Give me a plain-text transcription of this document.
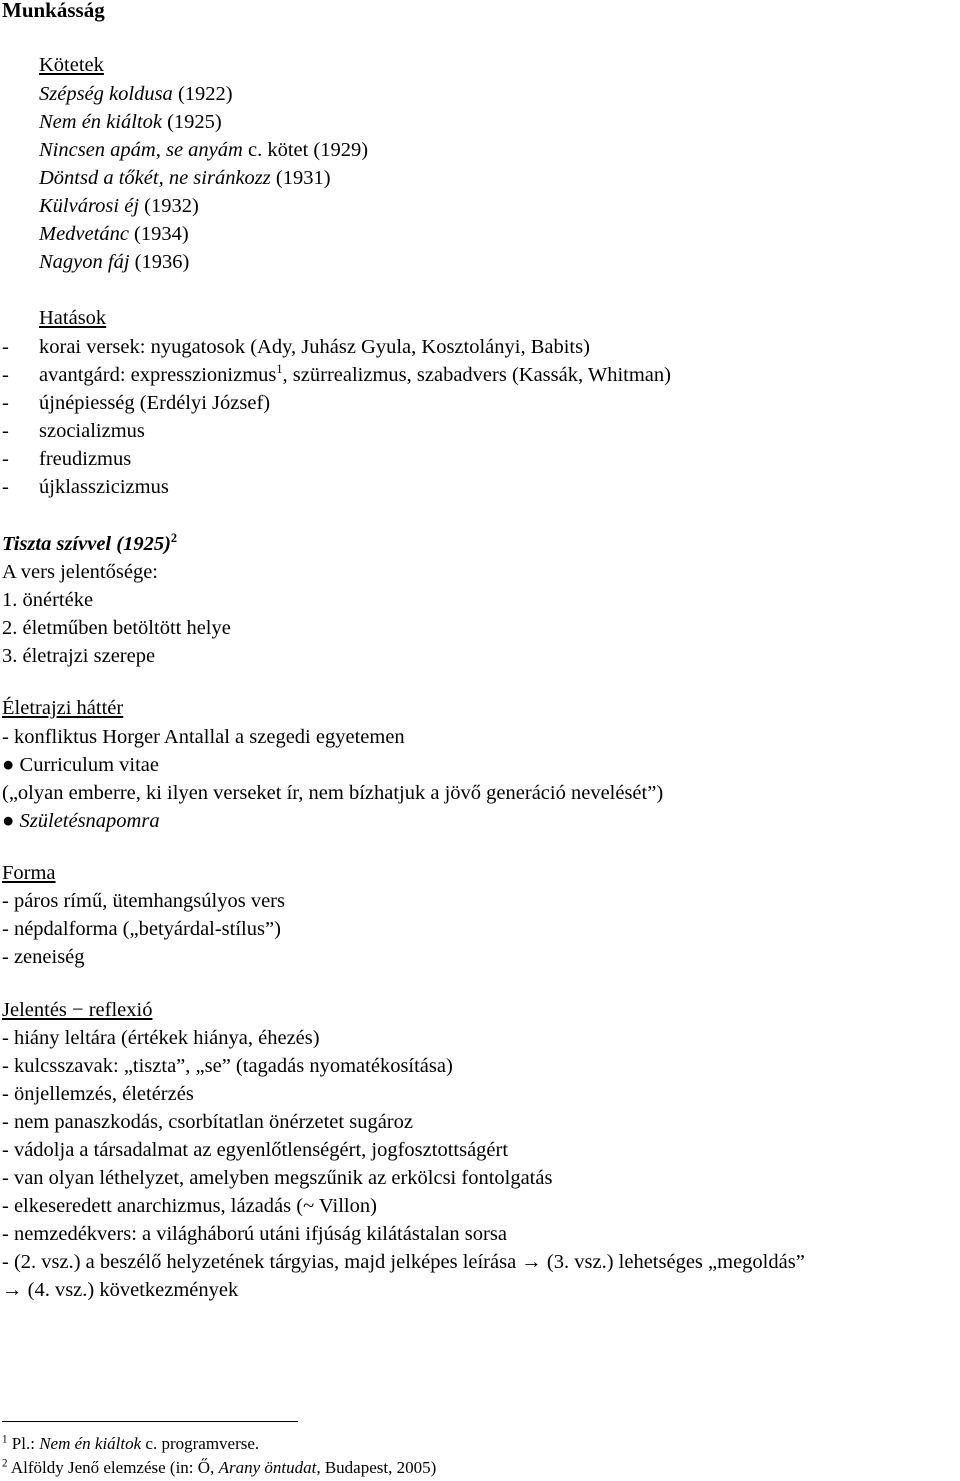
Munkásság
Kötetek
Szépség koldusa (1922)
Nem én kiáltok (1925)
Nincsen apám, se anyám c. kötet (1929)
Döntsd a tőkét, ne siránkozz (1931)
Külvárosi éj (1932)
Medvetánc (1934)
Nagyon fáj (1936)
Hatások
- korai versek: nyugatosok (Ady, Juhász Gyula, Kosztolányi, Babits)
- avantgárd: expresszionizmus$^1$, szürrealizmus, szabadvers (Kassák, Whitman)
- újnépiesség (Erdélyi József)
- szocializmus
- freudizmus
- újklasszicizmus
Tiszta szívvel $(1925)^2$
A vers jelentősége:
1. önértéke
2. életműben betöltött helye
3. életrajzi szerepe
Életrajzi háttér
- konfliktus Horger Antallal a szegedi egyetemen
● Curriculum vitae
(„olyan emberre, ki ilyen verseket ír, nem bízhatjuk a jövő generáció nevelését”)
● Születésnapomra
Forma
- páros rímű, ütemhangsúlyos vers
- népdalforma („betyárdal-stílus”)
- zeneiség
Jelentés − reflexió
- hiány leltára (értékek hiánya, éhezés)
- kulcsszavak: „tiszta”, „se” (tagadás nyomatékosítása)
- önjellemzés, életérzés
- nem panaszkodás, csorbítatlan önérzetet sugároz
- vádolja a társadalmat az egyenlőtlenségért, jogfosztottságért
- van olyan léthelyzet, amelyben megszűnik az erkölcsi fontolgatás
- elkeseredett anarchizmus, lázadás (~ Villon)
- nemzedékvers: a világháború utáni ifjúság kilátástalan sorsa
- (2. vsz.) a beszélő helyzetének tárgyias, majd jelképes leírása → (3. vsz.) lehetséges „megoldás”
→ (4. vsz.) következmények
$^1$ Pl.: Nem én kiáltok c. programverse.
$^2$ Alföldy Jenő elemzése (in: Ő, Arany öntudat, Budapest, 2005)
